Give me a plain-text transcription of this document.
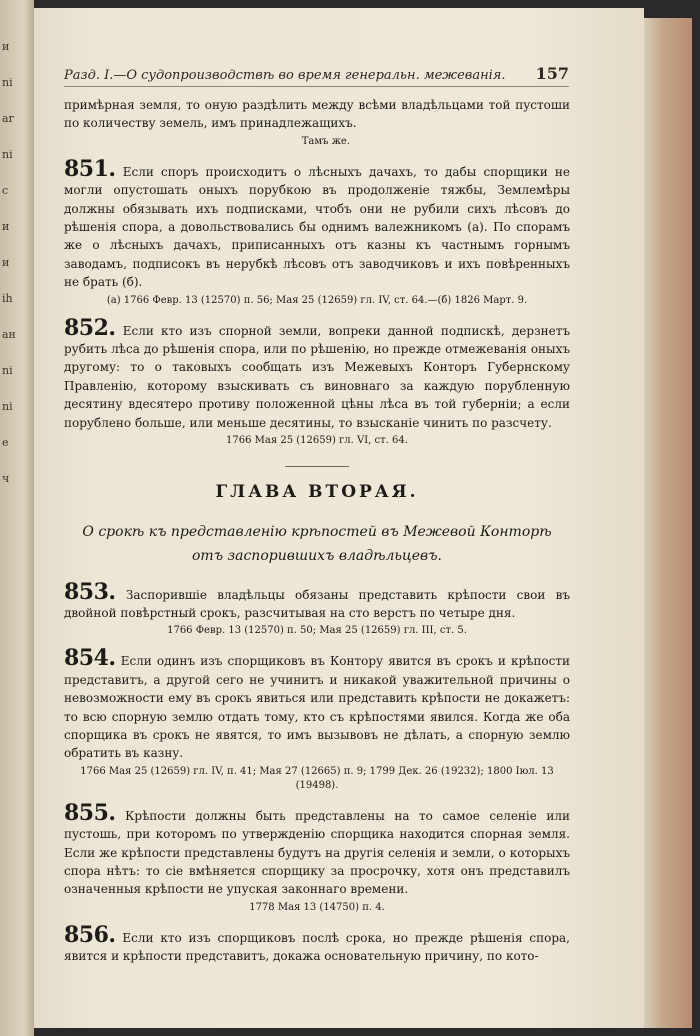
и
ni
ar
ni
с
и
и
ih
ан
ni
ni
е
ч
Разд. I.—О судопроизводствѣ во время генеральн. межеванія. 157

примѣрная земля, то оную раздѣлить между всѣми владѣльцами той пустоши по количеству земель, имъ принадлежащихъ.

Тамъ же.

851. Если споръ происходитъ о лѣсныхъ дачахъ, то дабы спорщики не могли опустошать оныхъ порубкою въ продолженіе тяжбы, Землемѣры должны обязывать ихъ подписками, чтобъ они не рубили сихъ лѣсовъ до рѣшенія спора, а довольствовались бы однимъ валежникомъ (а). По спорамъ же о лѣсныхъ дачахъ, приписанныхъ отъ казны къ частнымъ горнымъ заводамъ, подписокъ въ нерубкѣ лѣсовъ отъ заводчиковъ и ихъ повѣренныхъ не брать (б).

(а) 1766 Февр. 13 (12570) п. 56; Мая 25 (12659) гл. IV, ст. 64.—(б) 1826 Март. 9.

852. Если кто изъ спорной земли, вопреки данной подпискѣ, дерзнетъ рубить лѣса до рѣшенія спора, или по рѣшенію, но прежде отмежеванія оныхъ другому: то о таковыхъ сообщать изъ Межевыхъ Конторъ Губернскому Правленію, которому взыскивать съ виновнаго за каждую порубленную десятину вдесятеро противу положенной цѣны лѣса въ той губерніи; а если порублено больше, или меньше десятины, то взысканіе чинить по разсчету.

1766 Мая 25 (12659) гл. VI, ст. 64.
ГЛАВА ВТОРАЯ.
О срокѣ къ представленію крѣпостей въ Межевой Конторѣ
отъ заспорившихъ владѣльцевъ.

853. Заспорившіе владѣльцы обязаны представить крѣпости свои въ двойной повѣрстный срокъ, разсчитывая на сто верстъ по четыре дня.

1766 Февр. 13 (12570) п. 50; Мая 25 (12659) гл. III, ст. 5.

854. Если одинъ изъ спорщиковъ въ Контору явится въ срокъ и крѣпости представитъ, а другой сего не учинитъ и никакой уважительной причины о невозможности ему въ срокъ явиться или представить крѣпости не докажетъ: то всю спорную землю отдать тому, кто съ крѣпостями явился. Когда же оба спорщика въ срокъ не явятся, то имъ вызывовъ не дѣлать, а спорную землю обратить въ казну.

1766 Мая 25 (12659) гл. IV, п. 41; Мая 27 (12665) п. 9; 1799 Дек. 26 (19232); 1800 Іюл. 13 (19498).

855. Крѣпости должны быть представлены на то самое селеніе или пустошь, при которомъ по утвержденію спорщика находится спорная земля. Если же крѣпости представлены будутъ на другія селенія и земли, о которыхъ спора нѣтъ: то сіе вмѣняется спорщику за просрочку, хотя онъ представилъ означенныя крѣпости не упуская законнаго времени.

1778 Мая 13 (14750) п. 4.

856. Если кто изъ спорщиковъ послѣ срока, но прежде рѣшенія спора, явится и крѣпости представитъ, докажа основательную причину, по кото-
